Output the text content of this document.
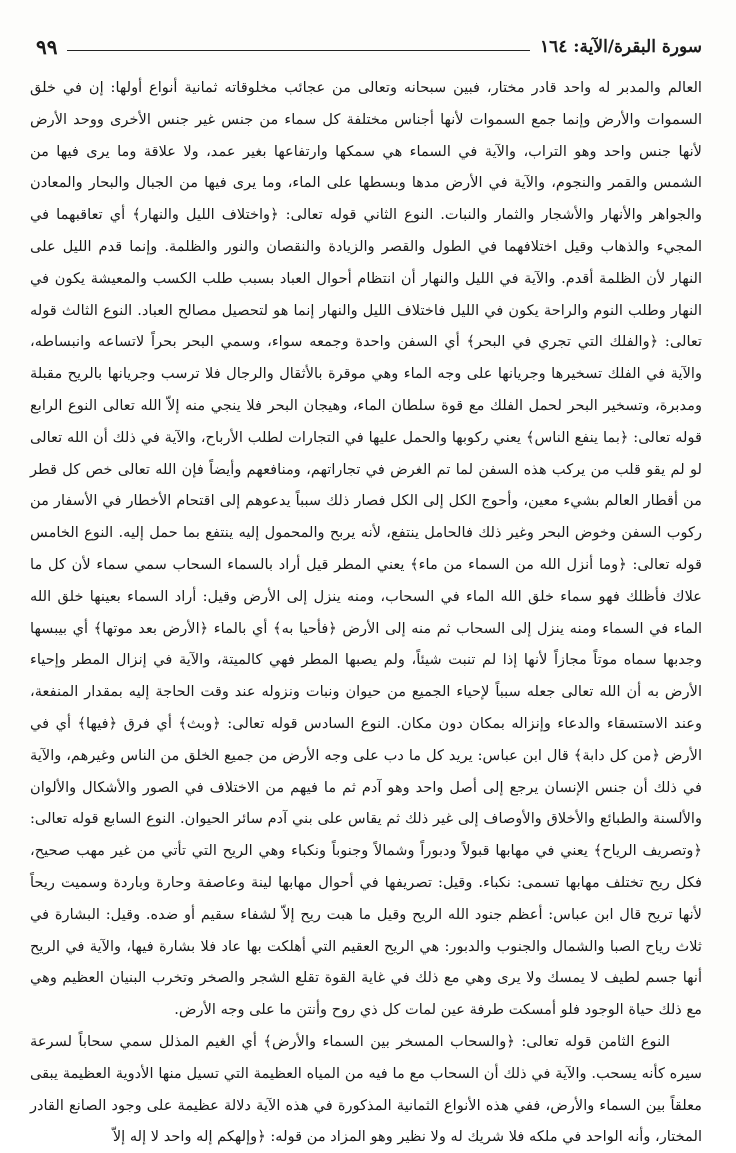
سورة البقرة/الآية: ١٦٤
٩٩

العالم والمدبر له واحد قادر مختار، فبين سبحانه وتعالى من عجائب مخلوقاته ثمانية أنواع أولها: إن في خلق السموات والأرض وإنما جمع السموات لأنها أجناس مختلفة كل سماء من جنس غير جنس الأخرى ووحد الأرض لأنها جنس واحد وهو التراب، والآية في السماء هي سمكها وارتفاعها بغير عمد، ولا علاقة وما يرى فيها من الشمس والقمر والنجوم، والآية في الأرض مدها وبسطها على الماء، وما يرى فيها من الجبال والبحار والمعادن والجواهر والأنهار والأشجار والثمار والنبات. النوع الثاني قوله تعالى: ﴿واختلاف الليل والنهار﴾ أي تعاقبهما في المجيء والذهاب وقيل اختلافهما في الطول والقصر والزيادة والنقصان والنور والظلمة. وإنما قدم الليل على النهار لأن الظلمة أقدم. والآية في الليل والنهار أن انتظام أحوال العباد بسبب طلب الكسب والمعيشة يكون في النهار وطلب النوم والراحة يكون في الليل فاختلاف الليل والنهار إنما هو لتحصيل مصالح العباد. النوع الثالث قوله تعالى: ﴿والفلك التي تجري في البحر﴾ أي السفن واحدة وجمعه سواء، وسمي البحر بحراً لاتساعه وانبساطه، والآية في الفلك تسخيرها وجريانها على وجه الماء وهي موقرة بالأثقال والرجال فلا ترسب وجريانها بالريح مقبلة ومدبرة، وتسخير البحر لحمل الفلك مع قوة سلطان الماء، وهيجان البحر فلا ينجي منه إلاّ الله تعالى النوع الرابع قوله تعالى: ﴿بما ينفع الناس﴾ يعني ركوبها والحمل عليها في التجارات لطلب الأرباح، والآية في ذلك أن الله تعالى لو لم يقو قلب من يركب هذه السفن لما تم الغرض في تجاراتهم، ومنافعهم وأيضاً فإن الله تعالى خص كل قطر من أقطار العالم بشيء معين، وأحوج الكل إلى الكل فصار ذلك سبباً يدعوهم إلى اقتحام الأخطار في الأسفار من ركوب السفن وخوض البحر وغير ذلك فالحامل ينتفع، لأنه يربح والمحمول إليه ينتفع بما حمل إليه. النوع الخامس قوله تعالى: ﴿وما أنزل الله من السماء من ماء﴾ يعني المطر قيل أراد بالسماء السحاب سمي سماء لأن كل ما علاك فأظلك فهو سماء خلق الله الماء في السحاب، ومنه ينزل إلى الأرض وقيل: أراد السماء بعينها خلق الله الماء في السماء ومنه ينزل إلى السحاب ثم منه إلى الأرض ﴿فأحيا به﴾ أي بالماء ﴿الأرض بعد موتها﴾ أي بيبسها وجدبها سماه موتاً مجازاً لأنها إذا لم تنبت شيئاً، ولم يصبها المطر فهي كالميتة، والآية في إنزال المطر وإحياء الأرض به أن الله تعالى جعله سبباً لإحياء الجميع من حيوان ونبات ونزوله عند وقت الحاجة إليه بمقدار المنفعة، وعند الاستسقاء والدعاء وإنزاله بمكان دون مكان. النوع السادس قوله تعالى: ﴿وبث﴾ أي فرق ﴿فيها﴾ أي في الأرض ﴿من كل دابة﴾ قال ابن عباس: يريد كل ما دب على وجه الأرض من جميع الخلق من الناس وغيرهم، والآية في ذلك أن جنس الإنسان يرجع إلى أصل واحد وهو آدم ثم ما فيهم من الاختلاف في الصور والأشكال والألوان والألسنة والطبائع والأخلاق والأوصاف إلى غير ذلك ثم يقاس على بني آدم سائر الحيوان. النوع السابع قوله تعالى: ﴿وتصريف الرياح﴾ يعني في مهابها قبولاً ودبوراً وشمالاً وجنوباً ونكباء وهي الريح التي تأتي من غير مهب صحيح، فكل ريح تختلف مهابها تسمى: نكباء. وقيل: تصريفها في أحوال مهابها لينة وعاصفة وحارة وباردة وسميت ريحاً لأنها تريح قال ابن عباس: أعظم جنود الله الريح وقيل ما هبت ريح إلاّ لشفاء سقيم أو ضده. وقيل: البشارة في ثلاث رياح الصبا والشمال والجنوب والدبور: هي الريح العقيم التي أهلكت بها عاد فلا بشارة فيها، والآية في الريح أنها جسم لطيف لا يمسك ولا يرى وهي مع ذلك في غاية القوة تقلع الشجر والصخر وتخرب البنيان العظيم وهي مع ذلك حياة الوجود فلو أمسكت طرفة عين لمات كل ذي روح وأنتن ما على وجه الأرض.

النوع الثامن قوله تعالى: ﴿والسحاب المسخر بين السماء والأرض﴾ أي الغيم المذلل سمي سحاباً لسرعة سيره كأنه يسحب. والآية في ذلك أن السحاب مع ما فيه من المياه العظيمة التي تسيل منها الأدوية العظيمة يبقى معلقاً بين السماء والأرض، ففي هذه الأنواع الثمانية المذكورة في هذه الآية دلالة عظيمة على وجود الصانع القادر المختار، وأنه الواحد في ملكه فلا شريك له ولا نظير وهو المزاد من قوله: ﴿وإلهكم إله واحد لا إله إلاّ
